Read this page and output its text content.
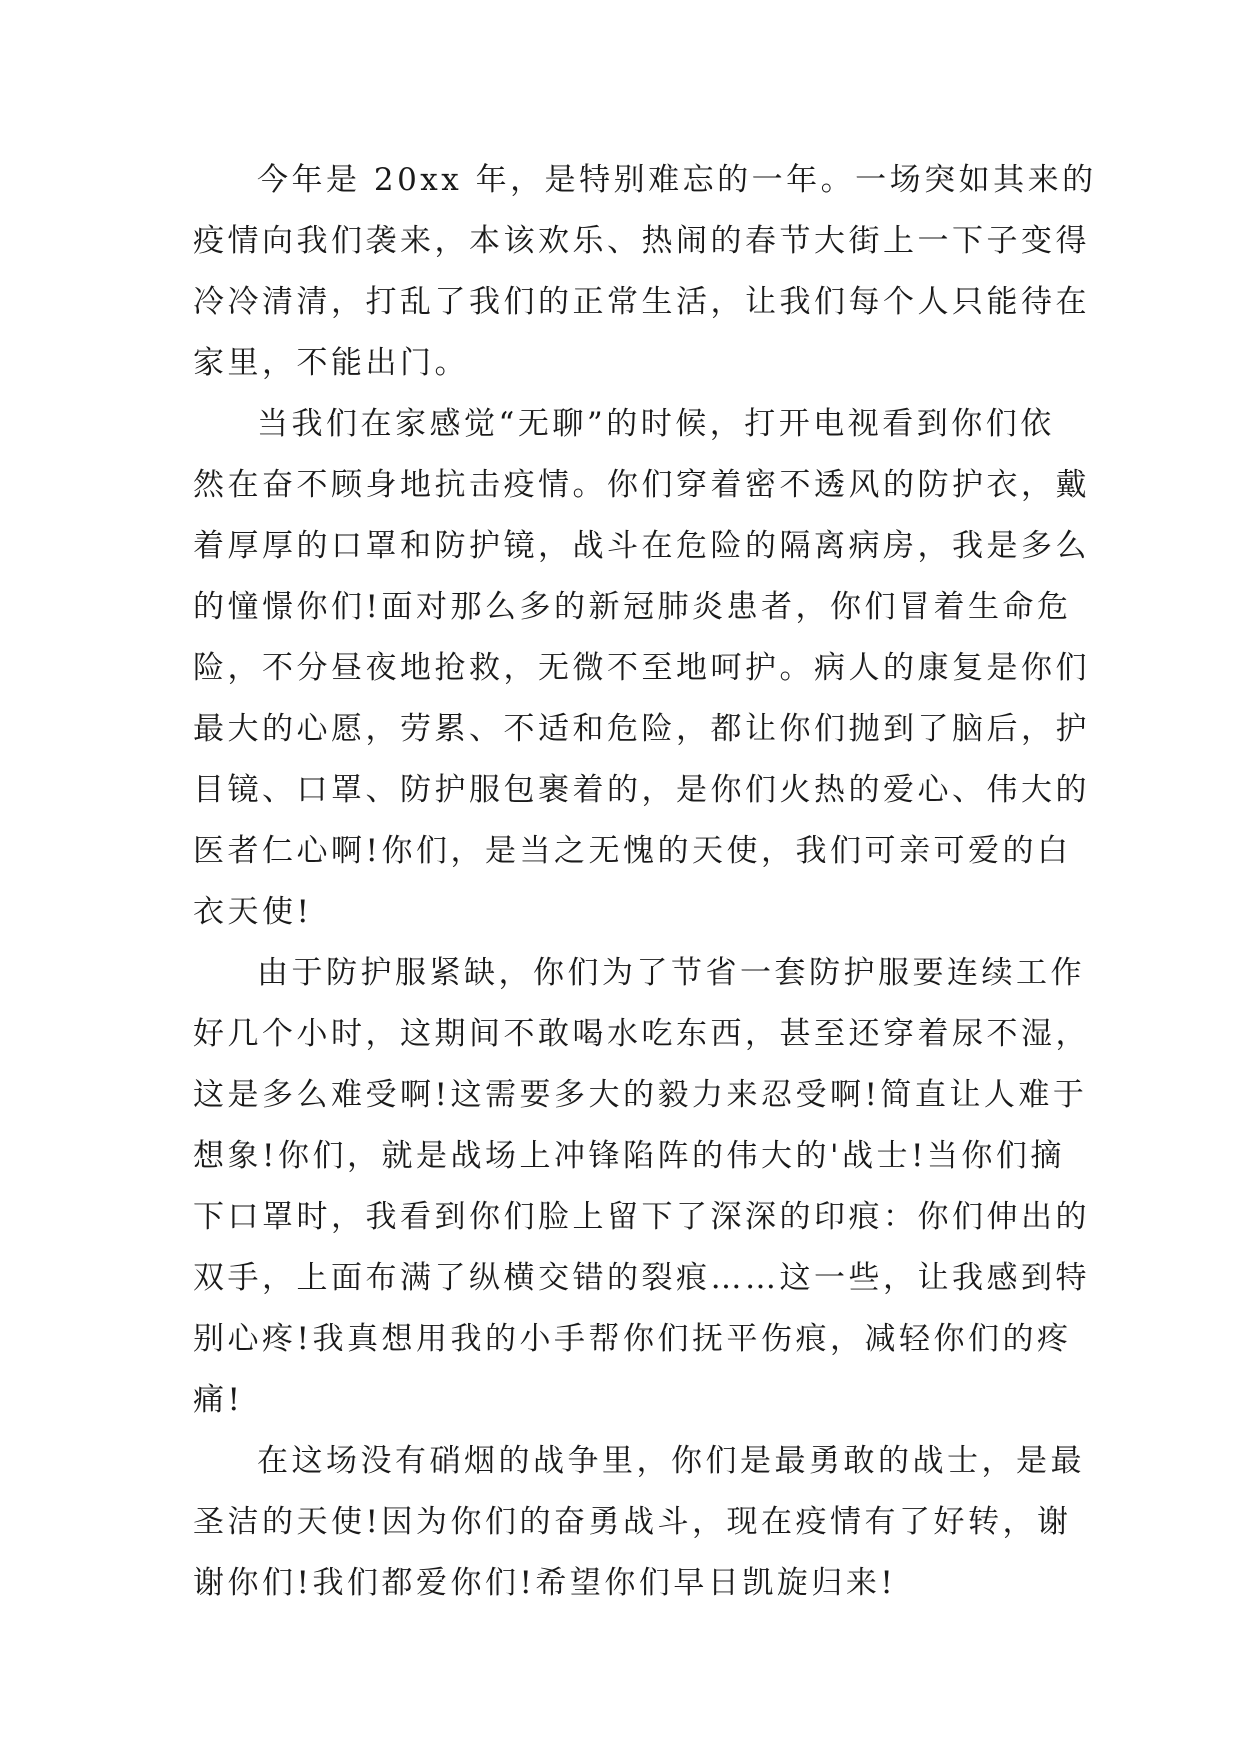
今年是 20xx 年，是特别难忘的一年。一场突如其来的
疫情向我们袭来，本该欢乐、热闹的春节大街上一下子变得
冷冷清清，打乱了我们的正常生活，让我们每个人只能待在
家里，不能出门。

当我们在家感觉“无聊”的时候，打开电视看到你们依
然在奋不顾身地抗击疫情。你们穿着密不透风的防护衣，戴
着厚厚的口罩和防护镜，战斗在危险的隔离病房，我是多么
的憧憬你们!面对那么多的新冠肺炎患者，你们冒着生命危
险，不分昼夜地抢救，无微不至地呵护。病人的康复是你们
最大的心愿，劳累、不适和危险，都让你们抛到了脑后，护
目镜、口罩、防护服包裹着的，是你们火热的爱心、伟大的
医者仁心啊!你们，是当之无愧的天使，我们可亲可爱的白
衣天使!

由于防护服紧缺，你们为了节省一套防护服要连续工作
好几个小时，这期间不敢喝水吃东西，甚至还穿着尿不湿，
这是多么难受啊!这需要多大的毅力来忍受啊!简直让人难于
想象!你们，就是战场上冲锋陷阵的伟大的'战士!当你们摘
下口罩时，我看到你们脸上留下了深深的印痕：你们伸出的
双手，上面布满了纵横交错的裂痕……这一些，让我感到特
别心疼!我真想用我的小手帮你们抚平伤痕，减轻你们的疼
痛!

在这场没有硝烟的战争里，你们是最勇敢的战士，是最
圣洁的天使!因为你们的奋勇战斗，现在疫情有了好转，谢
谢你们!我们都爱你们!希望你们早日凯旋归来!
